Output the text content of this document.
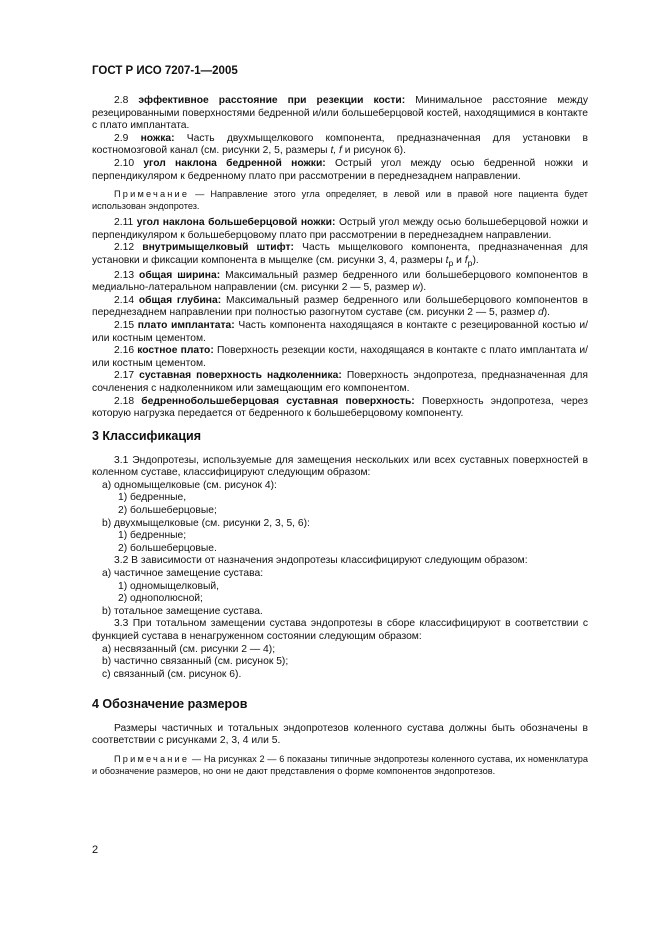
ГОСТ Р ИСО 7207-1—2005

2.8 эффективное расстояние при резекции кости: Минимальное расстояние между резецированными поверхностями бедренной и/или большеберцовой костей, находящимися в контакте с плато имплантата.

2.9 ножка: Часть двухмыщелкового компонента, предназначенная для установки в костномозговой канал (см. рисунки 2, 5, размеры t, f и рисунок 6).

2.10 угол наклона бедренной ножки: Острый угол между осью бедренной ножки и перпендикуляром к бедренному плато при рассмотрении в переднезаднем направлении.

Примечание — Направление этого угла определяет, в левой или в правой ноге пациента будет использован эндопротез.

2.11 угол наклона большеберцовой ножки: Острый угол между осью большеберцовой ножки и перпендикуляром к большеберцовому плато при рассмотрении в переднезаднем направлении.

2.12 внутримыщелковый штифт: Часть мыщелкового компонента, предназначенная для установки и фиксации компонента в мыщелке (см. рисунки 3, 4, размеры $t_p$ и $f_p$).

2.13 общая ширина: Максимальный размер бедренного или большеберцового компонентов в медиально-латеральном направлении (см. рисунки 2 — 5, размер w).

2.14 общая глубина: Максимальный размер бедренного или большеберцового компонентов в переднезаднем направлении при полностью разогнутом суставе (см. рисунки 2 — 5, размер d).

2.15 плато имплантата: Часть компонента находящаяся в контакте с резецированной костью и/или костным цементом.

2.16 костное плато: Поверхность резекции кости, находящаяся в контакте с плато имплантата и/или костным цементом.

2.17 суставная поверхность надколенника: Поверхность эндопротеза, предназначенная для сочленения с надколенником или замещающим его компонентом.

2.18 бедреннобольшеберцовая суставная поверхность: Поверхность эндопротеза, через которую нагрузка передается от бедренного к большеберцовому компоненту.

3 Классификация

3.1 Эндопротезы, используемые для замещения нескольких или всех суставных поверхностей в коленном суставе, классифицируют следующим образом:

a) одномыщелковые (см. рисунок 4):

1) бедренные,

2) большеберцовые;

b) двухмыщелковые (см. рисунки 2, 3, 5, 6):

1) бедренные;

2) большеберцовые.

3.2 В зависимости от назначения эндопротезы классифицируют следующим образом:

a) частичное замещение сустава:

1) одномыщелковый,

2) однополюсной;

b) тотальное замещение сустава.

3.3 При тотальном замещении сустава эндопротезы в сборе классифицируют в соответствии с функцией сустава в ненагруженном состоянии следующим образом:

a) несвязанный (см. рисунки 2 — 4);

b) частично связанный (см. рисунок 5);

c) связанный (см. рисунок 6).

4 Обозначение размеров

Размеры частичных и тотальных эндопротезов коленного сустава должны быть обозначены в соответствии с рисунками 2, 3, 4 или 5.

Примечание — На рисунках 2 — 6 показаны типичные эндопротезы коленного сустава, их номенклатура и обозначение размеров, но они не дают представления о форме компонентов эндопротезов.

2
